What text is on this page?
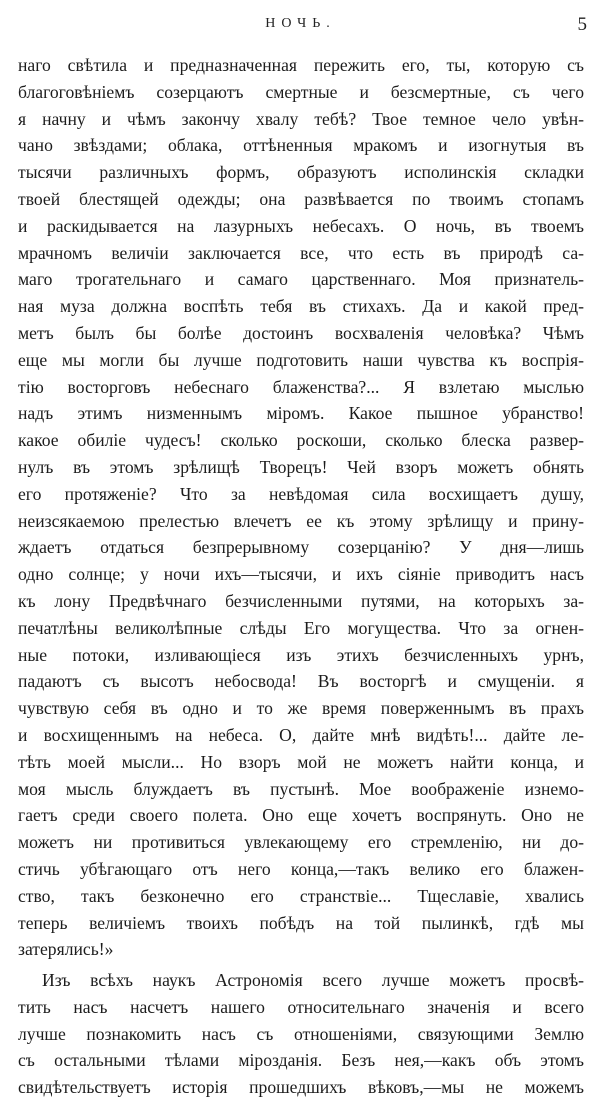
НОЧЬ.	5
наго свѣтила и предназначенная пережить его, ты, которую съ
благоговѣніемъ созерцаютъ смертные и безсмертные, съ чего
я начну и чѣмъ закончу хвалу тебѣ? Твое темное чело увѣн-
чано звѣздами; облака, оттѣненныя мракомъ и изогнутыя въ
тысячи различныхъ формъ, образуютъ исполинскія складки
твоей блестящей одежды; она развѣвается по твоимъ стопамъ
и раскидывается на лазурныхъ небесахъ. О ночь, въ твоемъ
мрачномъ величіи заключается все, что есть въ природѣ са-
маго трогательнаго и самаго царственнаго. Моя признатель-
ная муза должна воспѣть тебя въ стихахъ. Да и какой пред-
метъ былъ бы болѣе достоинъ восхваленія человѣка? Чѣмъ
еще мы могли бы лучше подготовить наши чувства къ воспрія-
тію восторговъ небеснаго блаженства?... Я взлетаю мыслью
надъ этимъ низменнымъ міромъ. Какое пышное убранство!
какое обиліе чудесъ! сколько роскоши, сколько блеска развер-
нулъ въ этомъ зрѣлищѣ Творецъ! Чей взоръ можетъ обнять
его протяженіе? Что за невѣдомая сила восхищаетъ душу,
неизсякаемою прелестью влечетъ ее къ этому зрѣлищу и прину-
ждаетъ отдаться безпрерывному созерцанію? У дня—лишь
одно солнце; у ночи ихъ—тысячи, и ихъ сіяніе приводитъ насъ
къ лону Предвѣчнаго безчисленными путями, на которыхъ за-
печатлѣны великолѣпные слѣды Его могущества. Что за огнен-
ные потоки, изливающіеся изъ этихъ безчисленныхъ урнъ,
падаютъ съ высотъ небосвода! Въ восторгѣ и смущеніи. я
чувствую себя въ одно и то же время поверженнымъ въ прахъ
и восхищеннымъ на небеса. О, дайте мнѣ видѣть!... дайте ле-
тѣть моей мысли... Но взоръ мой не можетъ найти конца, и
моя мысль блуждаетъ въ пустынѣ. Мое воображеніе изнемо-
гаетъ среди своего полета. Оно еще хочетъ воспрянуть. Оно не
можетъ ни противиться увлекающему его стремленію, ни до-
стичь убѣгающаго отъ него конца,—такъ велико его блажен-
ство, такъ безконечно его странствіе... Тщеславіе, хвались
теперь величіемъ твоихъ побѣдъ на той пылинкѣ, гдѣ мы
затерялись!»
Изъ всѣхъ наукъ Астрономія всего лучше можетъ просвѣ-
тить насъ насчетъ нашего относительнаго значенія и всего
лучше познакомить насъ съ отношеніями, связующими Землю
съ остальными тѣлами мірозданія. Безъ нея,—какъ объ этомъ
свидѣтельствуетъ исторія прошедшихъ вѣковъ,—мы не можемъ
